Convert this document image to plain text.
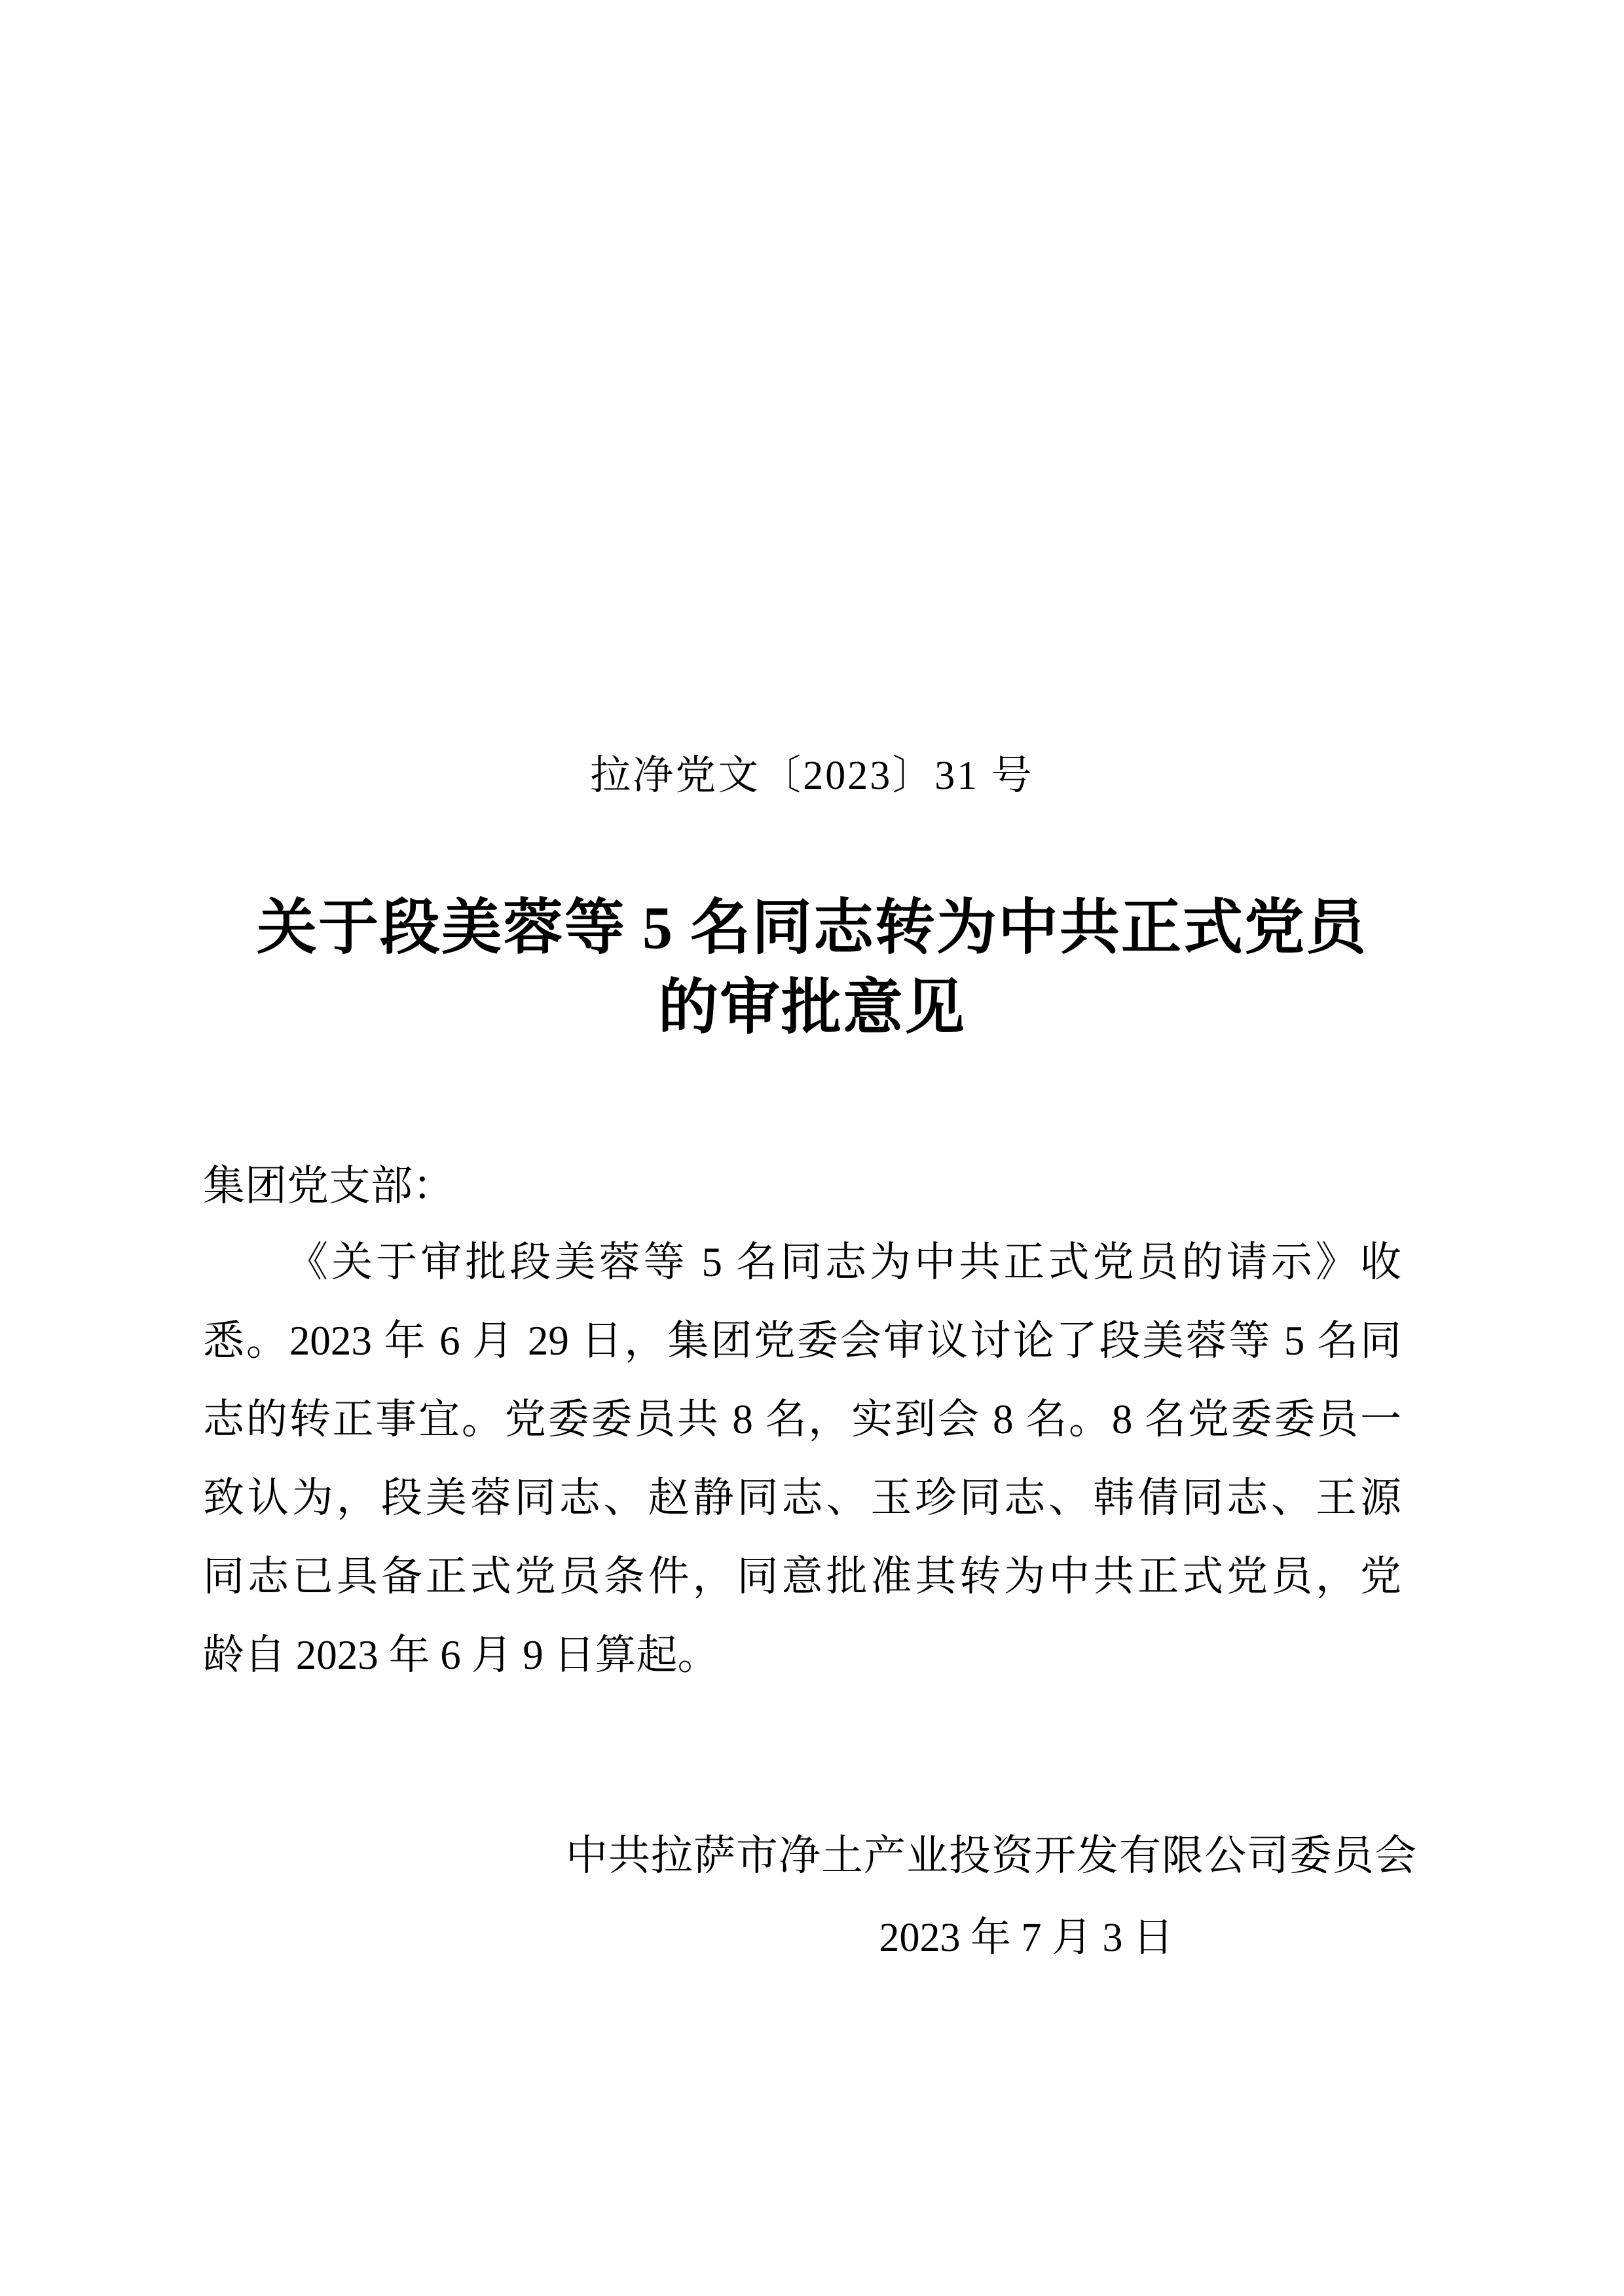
拉净党文〔2023〕31 号
关于段美蓉等 5 名同志转为中共正式党员
的审批意见
集团党支部：
《关于审批段美蓉等 5 名同志为中共正式党员的请示》收
悉。2023 年 6 月 29 日，集团党委会审议讨论了段美蓉等 5 名同
志的转正事宜。党委委员共 8 名，实到会 8 名。8 名党委委员一
致认为，段美蓉同志、赵静同志、玉珍同志、韩倩同志、王源
同志已具备正式党员条件，同意批准其转为中共正式党员，党
龄自 2023 年 6 月 9 日算起。
中共拉萨市净土产业投资开发有限公司委员会
2023 年 7 月 3 日
